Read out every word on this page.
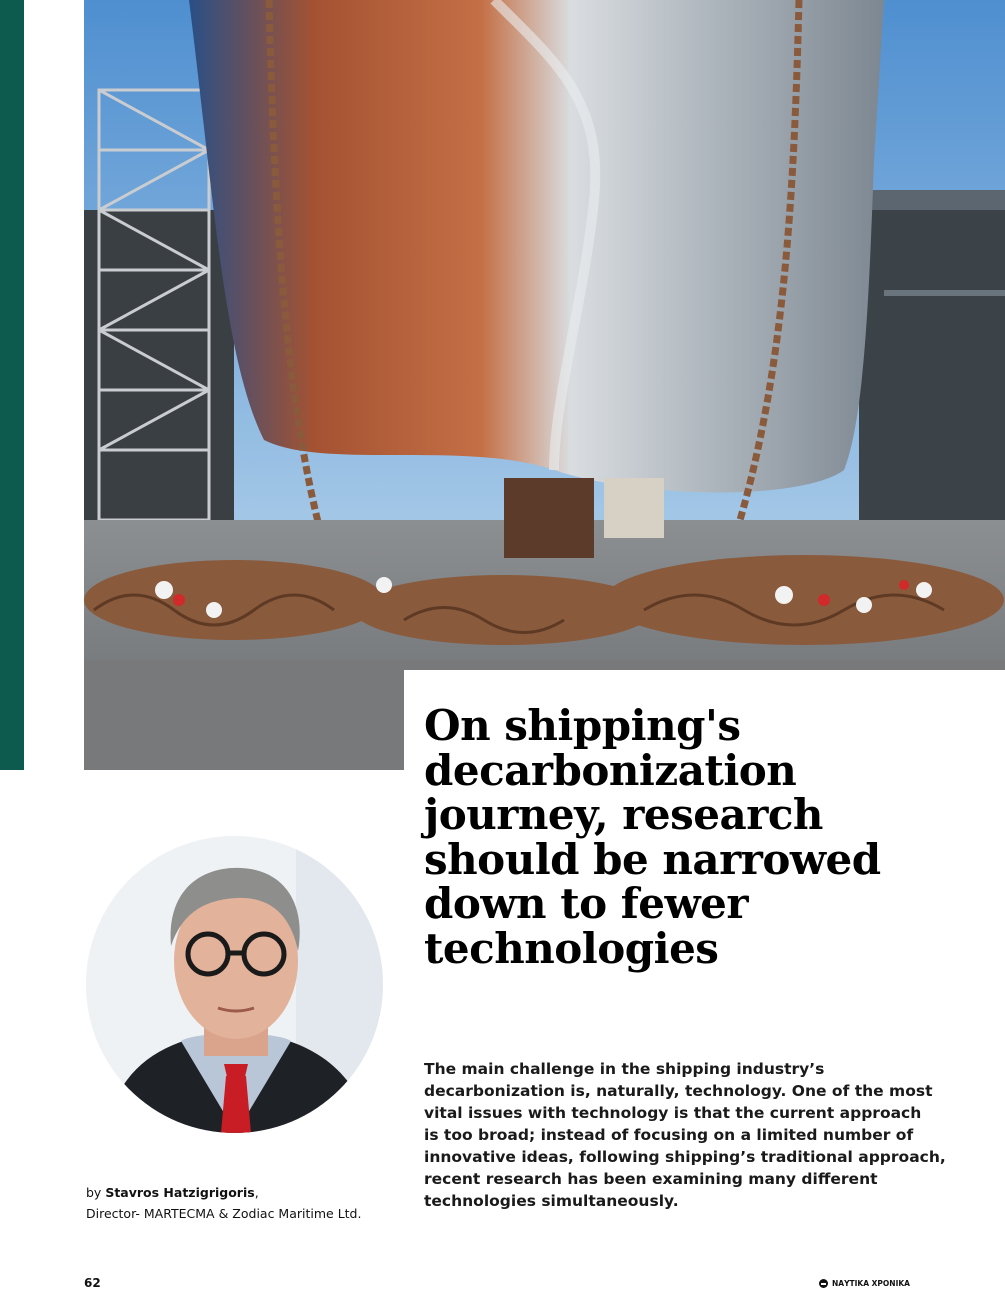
On shipping's
decarbonization
journey, research
should be narrowed
down to fewer
technologies
The main challenge in the shipping industry’s
decarbonization is, naturally, technology. One of the most
vital issues with technology is that the current approach
is too broad; instead of focusing on a limited number of
innovative ideas, following shipping’s traditional approach,
recent research has been examining many different
technologies simultaneously.
by Stavros Hatzigrigoris,
Director- MARTECMA & Zodiac Maritime Ltd.
62	ΝΑΥΤΙΚΑ ΧΡΟΝΙΚΑ
